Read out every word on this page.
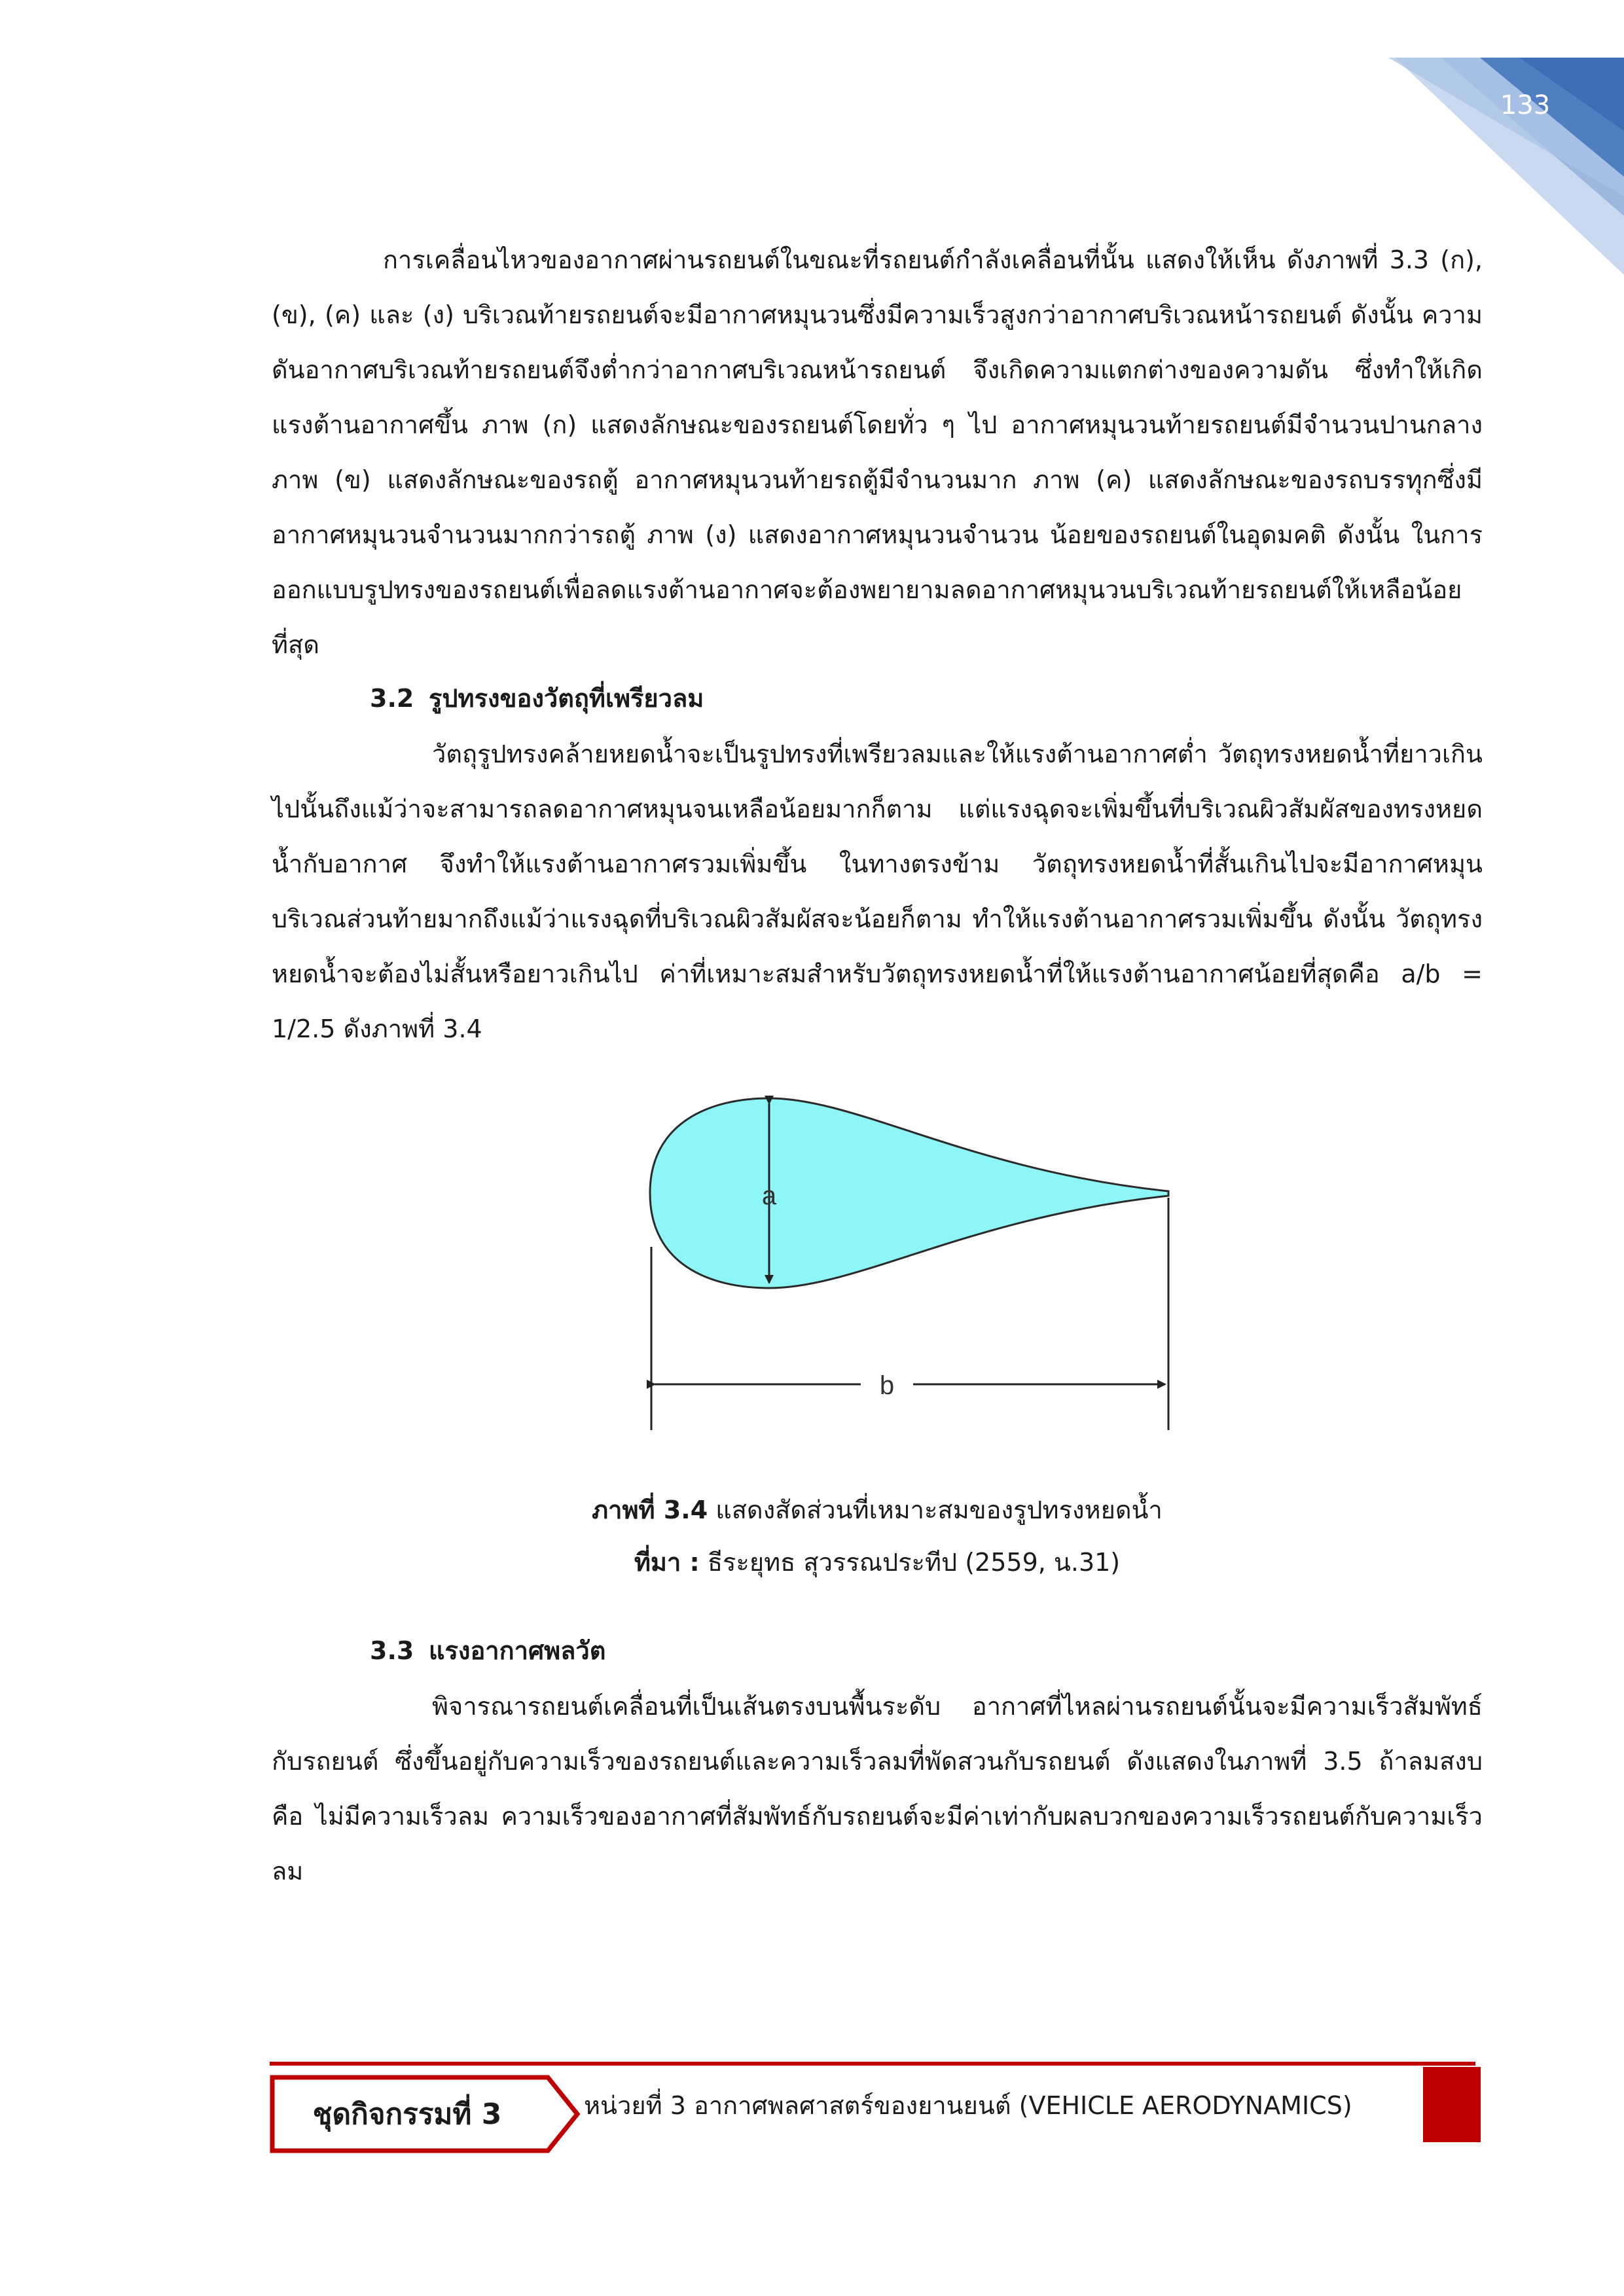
133

การเคลื่อนไหวของอากาศผ่านรถยนต์ในขณะที่รถยนต์กำลังเคลื่อนที่นั้น แสดงให้เห็น ดังภาพที่ 3.3 (ก), (ข), (ค) และ (ง) บริเวณท้ายรถยนต์จะมีอากาศหมุนวนซึ่งมีความเร็วสูงกว่าอากาศบริเวณหน้ารถยนต์ ดังนั้น ความดันอากาศบริเวณท้ายรถยนต์จึงต่ำกว่าอากาศบริเวณหน้ารถยนต์ จึงเกิดความแตกต่างของความดัน ซึ่งทำให้เกิดแรงต้านอากาศขึ้น ภาพ (ก) แสดงลักษณะของรถยนต์โดยทั่ว ๆ ไป อากาศหมุนวนท้ายรถยนต์มีจำนวนปานกลาง ภาพ (ข) แสดงลักษณะของรถตู้ อากาศหมุนวนท้ายรถตู้มีจำนวนมาก ภาพ (ค) แสดงลักษณะของรถบรรทุกซึ่งมีอากาศหมุนวนจำนวนมากกว่ารถตู้ ภาพ (ง) แสดงอากาศหมุนวนจำนวน น้อยของรถยนต์ในอุดมคติ ดังนั้น ในการออกแบบรูปทรงของรถยนต์เพื่อลดแรงต้านอากาศจะต้องพยายามลดอากาศหมุนวนบริเวณท้ายรถยนต์ให้เหลือน้อยที่สุด

3.2 รูปทรงของวัตถุที่เพรียวลม

วัตถุรูปทรงคล้ายหยดน้ำจะเป็นรูปทรงที่เพรียวลมและให้แรงต้านอากาศต่ำ วัตถุทรงหยดน้ำที่ยาวเกินไปนั้นถึงแม้ว่าจะสามารถลดอากาศหมุนจนเหลือน้อยมากก็ตาม แต่แรงฉุดจะเพิ่มขึ้นที่บริเวณผิวสัมผัสของทรงหยดน้ำกับอากาศ จึงทำให้แรงต้านอากาศรวมเพิ่มขึ้น ในทางตรงข้าม วัตถุทรงหยดน้ำที่สั้นเกินไปจะมีอากาศหมุนบริเวณส่วนท้ายมากถึงแม้ว่าแรงฉุดที่บริเวณผิวสัมผัสจะน้อยก็ตาม ทำให้แรงต้านอากาศรวมเพิ่มขึ้น ดังนั้น วัตถุทรงหยดน้ำจะต้องไม่สั้นหรือยาวเกินไป ค่าที่เหมาะสมสำหรับวัตถุทรงหยดน้ำที่ให้แรงต้านอากาศน้อยที่สุดคือ a/b = 1/2.5 ดังภาพที่ 3.4

a
b
ภาพที่ 3.4 แสดงสัดส่วนที่เหมาะสมของรูปทรงหยดน้ำ
ที่มา : ธีระยุทธ สุวรรณประทีป (2559, น.31)

3.3 แรงอากาศพลวัต

พิจารณารถยนต์เคลื่อนที่เป็นเส้นตรงบนพื้นระดับ อากาศที่ไหลผ่านรถยนต์นั้นจะมีความเร็วสัมพัทธ์กับรถยนต์ ซึ่งขึ้นอยู่กับความเร็วของรถยนต์และความเร็วลมที่พัดสวนกับรถยนต์ ดังแสดงในภาพที่ 3.5 ถ้าลมสงบ คือ ไม่มีความเร็วลม ความเร็วของอากาศที่สัมพัทธ์กับรถยนต์จะมีค่าเท่ากับผลบวกของความเร็วรถยนต์กับความเร็วลม

ชุดกิจกรรมที่ 3	หน่วยที่ 3 อากาศพลศาสตร์ของยานยนต์ (VEHICLE AERODYNAMICS)
